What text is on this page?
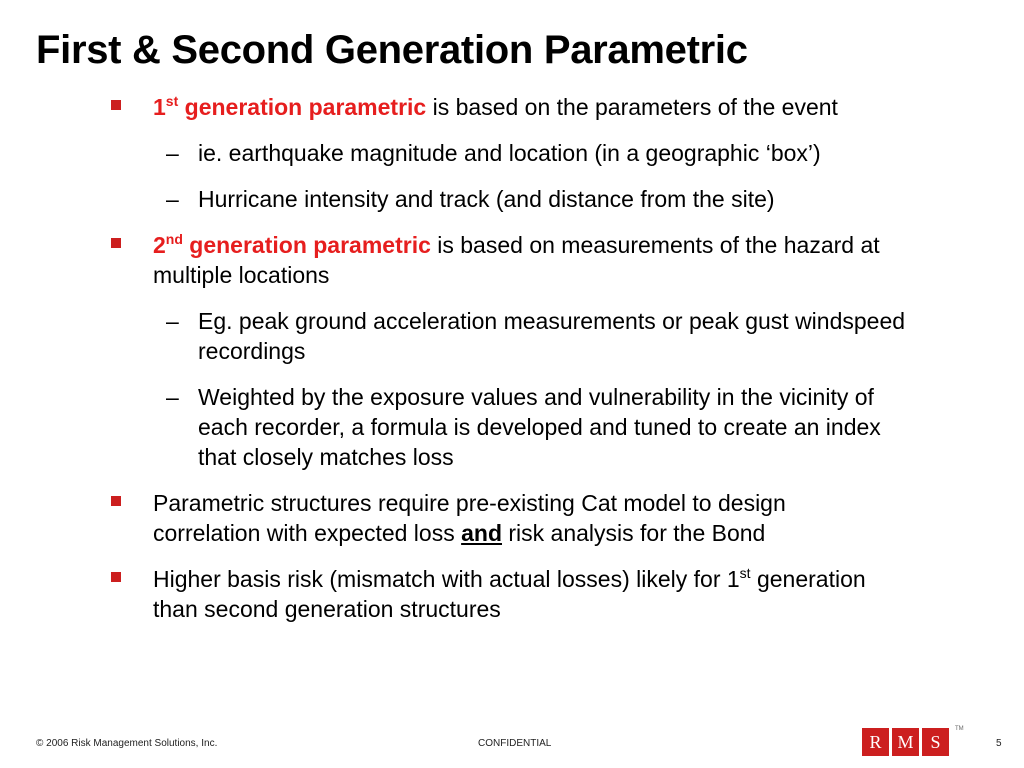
First & Second Generation Parametric
1st generation parametric is based on the parameters of the event
– ie. earthquake magnitude and location (in a geographic ‘box’)
– Hurricane intensity and track (and distance from the site)
2nd generation parametric is based on measurements of the hazard at multiple locations
– Eg. peak ground acceleration measurements or peak gust windspeed recordings
– Weighted by the exposure values and vulnerability in the vicinity of each recorder, a formula is developed and tuned to create an index that closely matches loss
Parametric structures require pre-existing Cat model to design correlation with expected loss and risk analysis for the Bond
Higher basis risk (mismatch with actual losses) likely for 1st generation than second generation structures
© 2006 Risk Management Solutions, Inc.	CONFIDENTIAL	R M S
TM
5
